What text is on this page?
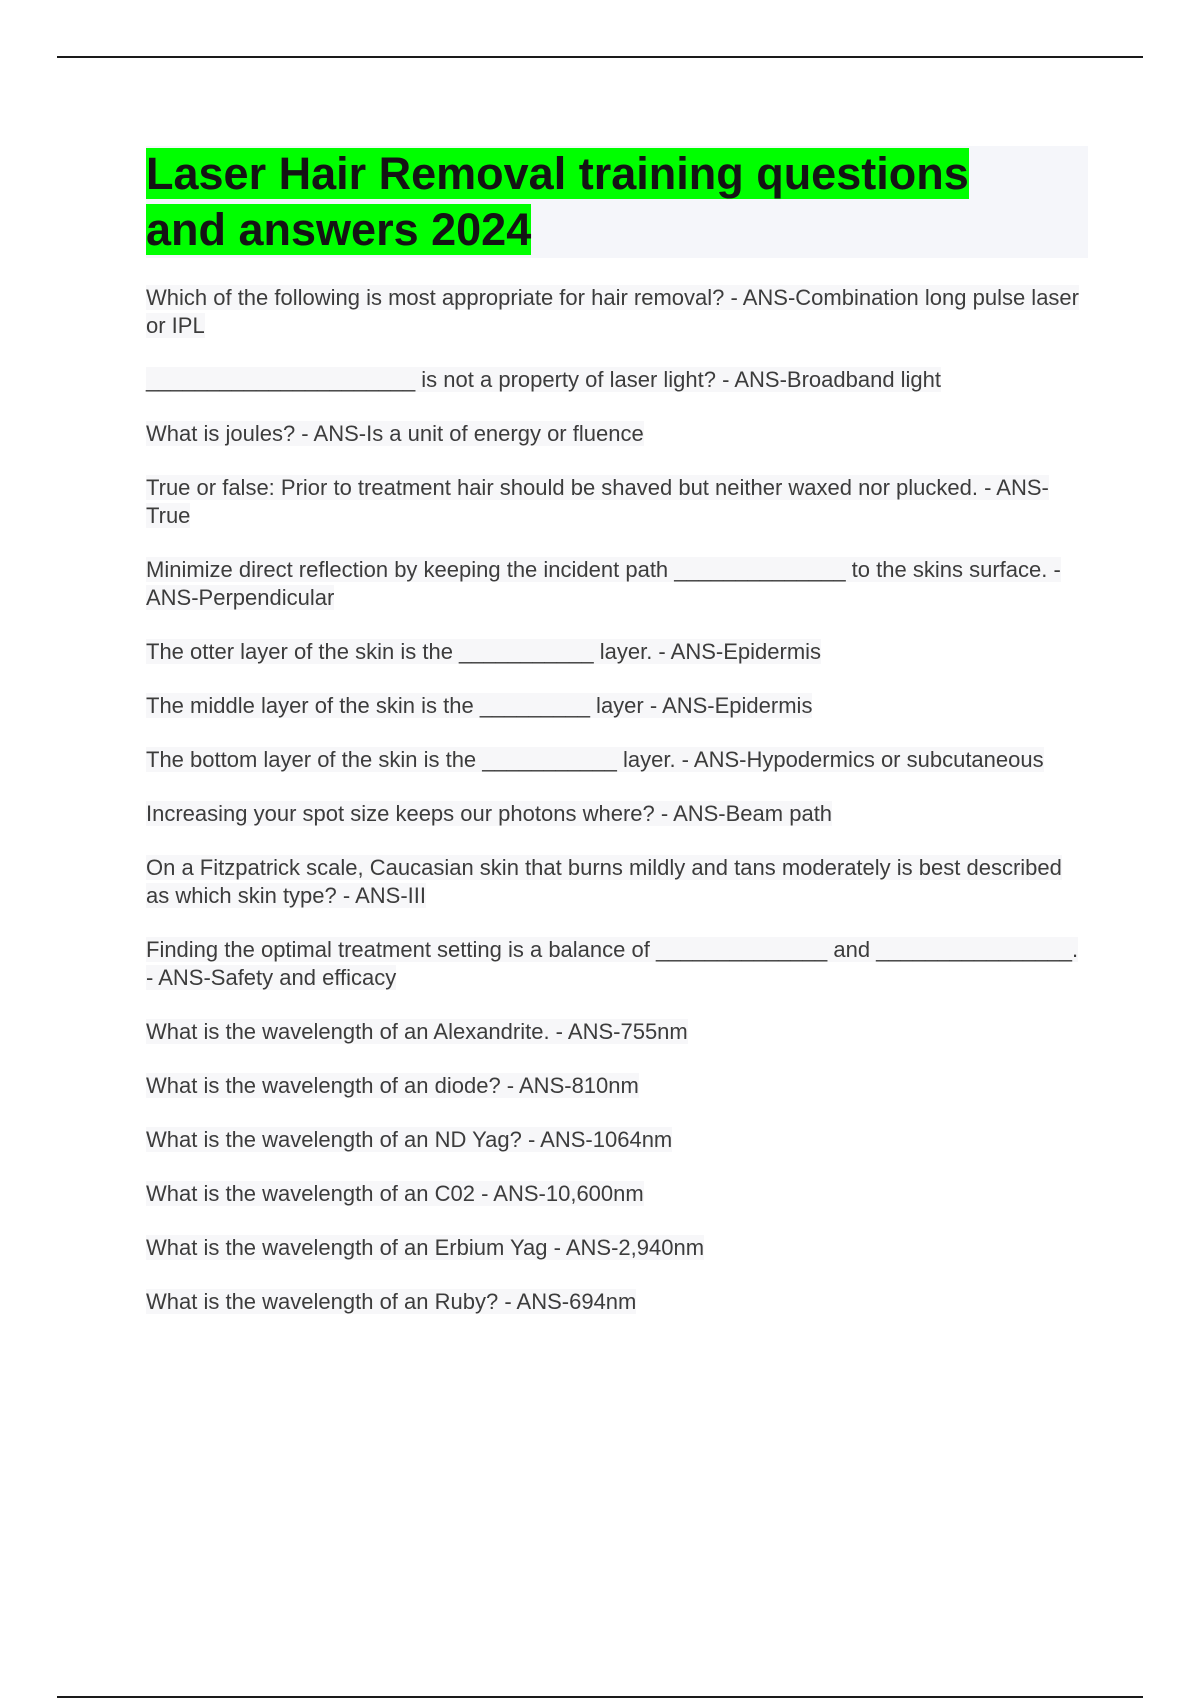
Laser Hair Removal training questions and answers 2024
Which of the following is most appropriate for hair removal? - ANS-Combination long pulse laser or IPL
______________________ is not a property of laser light? - ANS-Broadband light
What is joules? - ANS-Is a unit of energy or fluence
True or false: Prior to treatment hair should be shaved but neither waxed nor plucked. - ANS-True
Minimize direct reflection by keeping the incident path ______________ to the skins surface. - ANS-Perpendicular
The otter layer of the skin is the ___________ layer. - ANS-Epidermis
The middle layer of the skin is the _________ layer - ANS-Epidermis
The bottom layer of the skin is the ___________ layer. - ANS-Hypodermics or subcutaneous
Increasing your spot size keeps our photons where? - ANS-Beam path
On a Fitzpatrick scale, Caucasian skin that burns mildly and tans moderately is best described as which skin type? - ANS-III
Finding the optimal treatment setting is a balance of ______________ and ________________. - ANS-Safety and efficacy
What is the wavelength of an Alexandrite. - ANS-755nm
What is the wavelength of an diode? - ANS-810nm
What is the wavelength of an ND Yag? - ANS-1064nm
What is the wavelength of an C02 - ANS-10,600nm
What is the wavelength of an Erbium Yag - ANS-2,940nm
What is the wavelength of an Ruby? - ANS-694nm
